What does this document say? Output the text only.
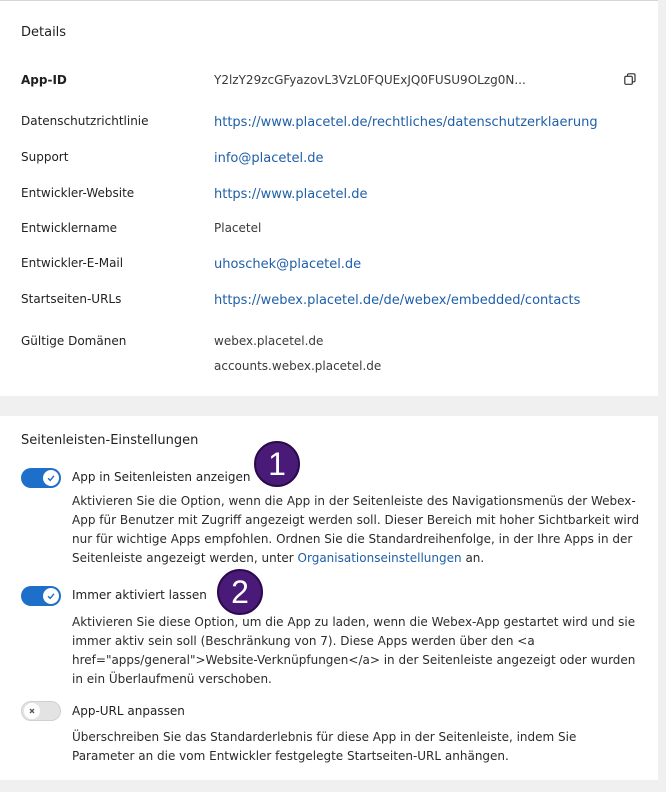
Details
App-ID	Y2lzY29zcGFyazovL3VzL0FQUExJQ0FUSU9OLzg0N...
Datenschutzrichtlinie	https://www.placetel.de/rechtliches/datenschutzerklaerung
Support	info@placetel.de
Entwickler-Website	https://www.placetel.de
Entwicklername	Placetel
Entwickler-E-Mail	uhoschek@placetel.de
Startseiten-URLs	https://webex.placetel.de/de/webex/embedded/contacts
Gültige Domänen	webex.placetel.de
accounts.webex.placetel.de
Seitenleisten-Einstellungen
App in Seitenleisten anzeigen
Aktivieren Sie die Option, wenn die App in der Seitenleiste des Navigationsmenüs der Webex-App für Benutzer mit Zugriff angezeigt werden soll. Dieser Bereich mit hoher Sichtbarkeit wird nur für wichtige Apps empfohlen. Ordnen Sie die Standardreihenfolge, in der Ihre Apps in der Seitenleiste angezeigt werden, unter Organisationseinstellungen an.
Immer aktiviert lassen
Aktivieren Sie diese Option, um die App zu laden, wenn die Webex-App gestartet wird und sie immer aktiv sein soll (Beschränkung von 7). Diese Apps werden über den <a href="apps/general">Website-Verknüpfungen</a> in der Seitenleiste angezeigt oder wurden in ein Überlaufmenü verschoben.
App-URL anpassen
Überschreiben Sie das Standarderlebnis für diese App in der Seitenleiste, indem Sie Parameter an die vom Entwickler festgelegte Startseiten-URL anhängen.
1
2
